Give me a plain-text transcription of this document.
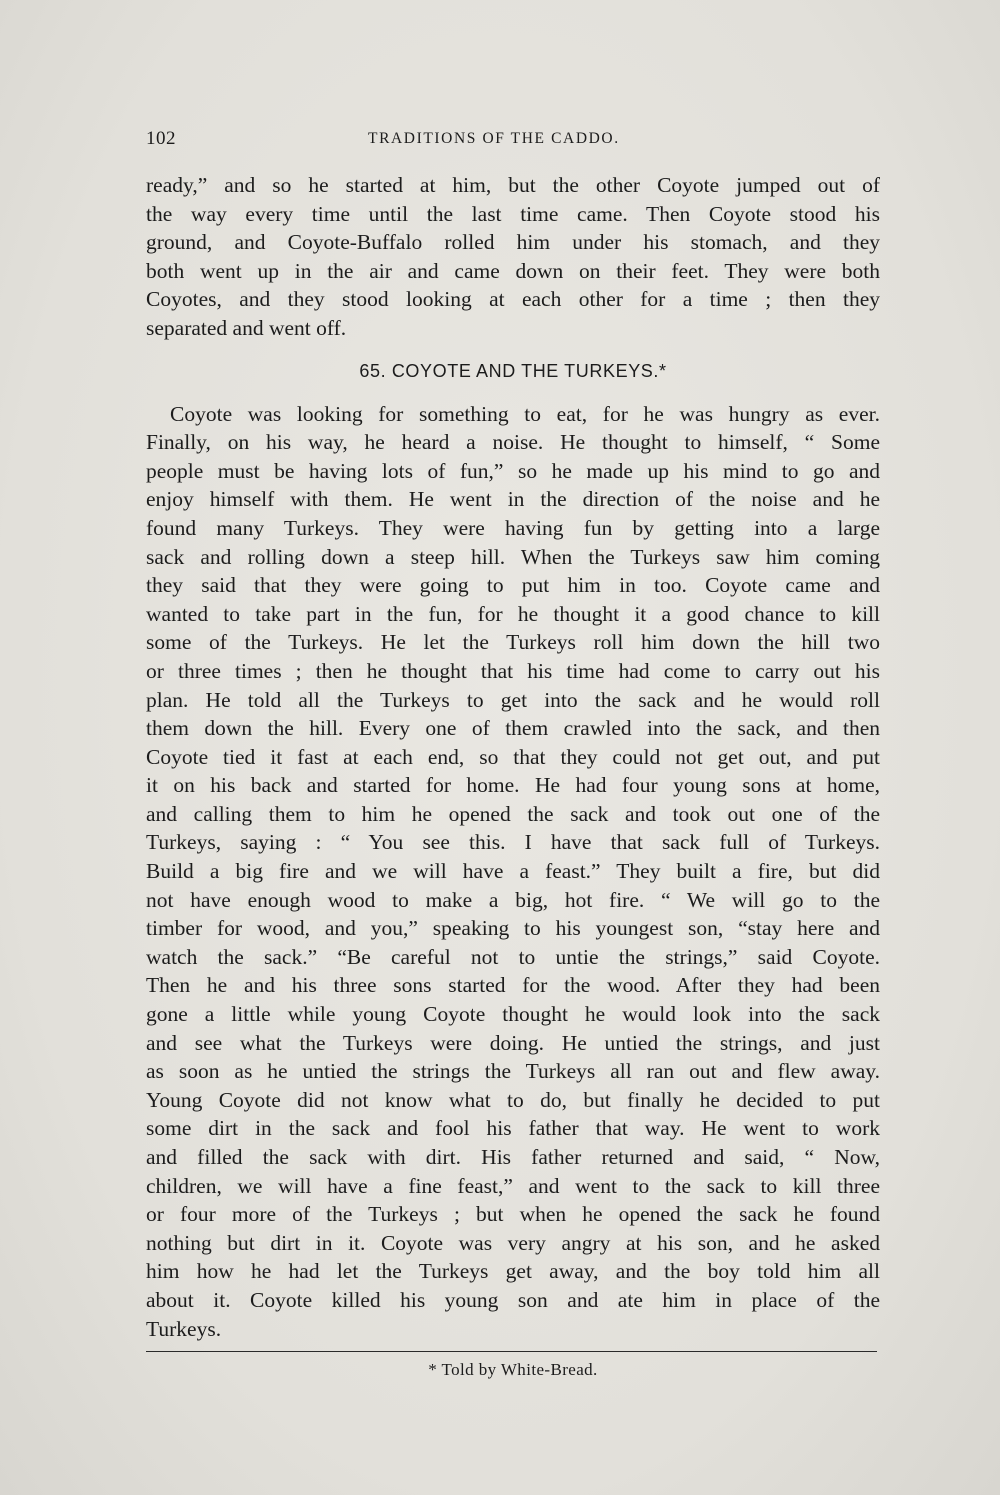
102	TRADITIONS OF THE CADDO.
ready,” and so he started at him, but the other Coyote jumped out of
the way every time until the last time came. Then Coyote stood his
ground, and Coyote-Buffalo rolled him under his stomach, and they
both went up in the air and came down on their feet. They were both
Coyotes, and they stood looking at each other for a time ; then they
separated and went off.
65. COYOTE AND THE TURKEYS.*
Coyote was looking for something to eat, for he was hungry as ever.
Finally, on his way, he heard a noise. He thought to himself, “ Some
people must be having lots of fun,” so he made up his mind to go and
enjoy himself with them. He went in the direction of the noise and he
found many Turkeys. They were having fun by getting into a large
sack and rolling down a steep hill. When the Turkeys saw him coming
they said that they were going to put him in too. Coyote came and
wanted to take part in the fun, for he thought it a good chance to kill
some of the Turkeys. He let the Turkeys roll him down the hill two
or three times ; then he thought that his time had come to carry out his
plan. He told all the Turkeys to get into the sack and he would roll
them down the hill. Every one of them crawled into the sack, and then
Coyote tied it fast at each end, so that they could not get out, and put
it on his back and started for home. He had four young sons at home,
and calling them to him he opened the sack and took out one of the
Turkeys, saying : “ You see this. I have that sack full of Turkeys.
Build a big fire and we will have a feast.” They built a fire, but did
not have enough wood to make a big, hot fire. “ We will go to the
timber for wood, and you,” speaking to his youngest son, “stay here and
watch the sack.” “Be careful not to untie the strings,” said Coyote.
Then he and his three sons started for the wood. After they had been
gone a little while young Coyote thought he would look into the sack
and see what the Turkeys were doing. He untied the strings, and just
as soon as he untied the strings the Turkeys all ran out and flew away.
Young Coyote did not know what to do, but finally he decided to put
some dirt in the sack and fool his father that way. He went to work
and filled the sack with dirt. His father returned and said, “ Now,
children, we will have a fine feast,” and went to the sack to kill three
or four more of the Turkeys ; but when he opened the sack he found
nothing but dirt in it. Coyote was very angry at his son, and he asked
him how he had let the Turkeys get away, and the boy told him all
about it. Coyote killed his young son and ate him in place of the
Turkeys.
* Told by White-Bread.
